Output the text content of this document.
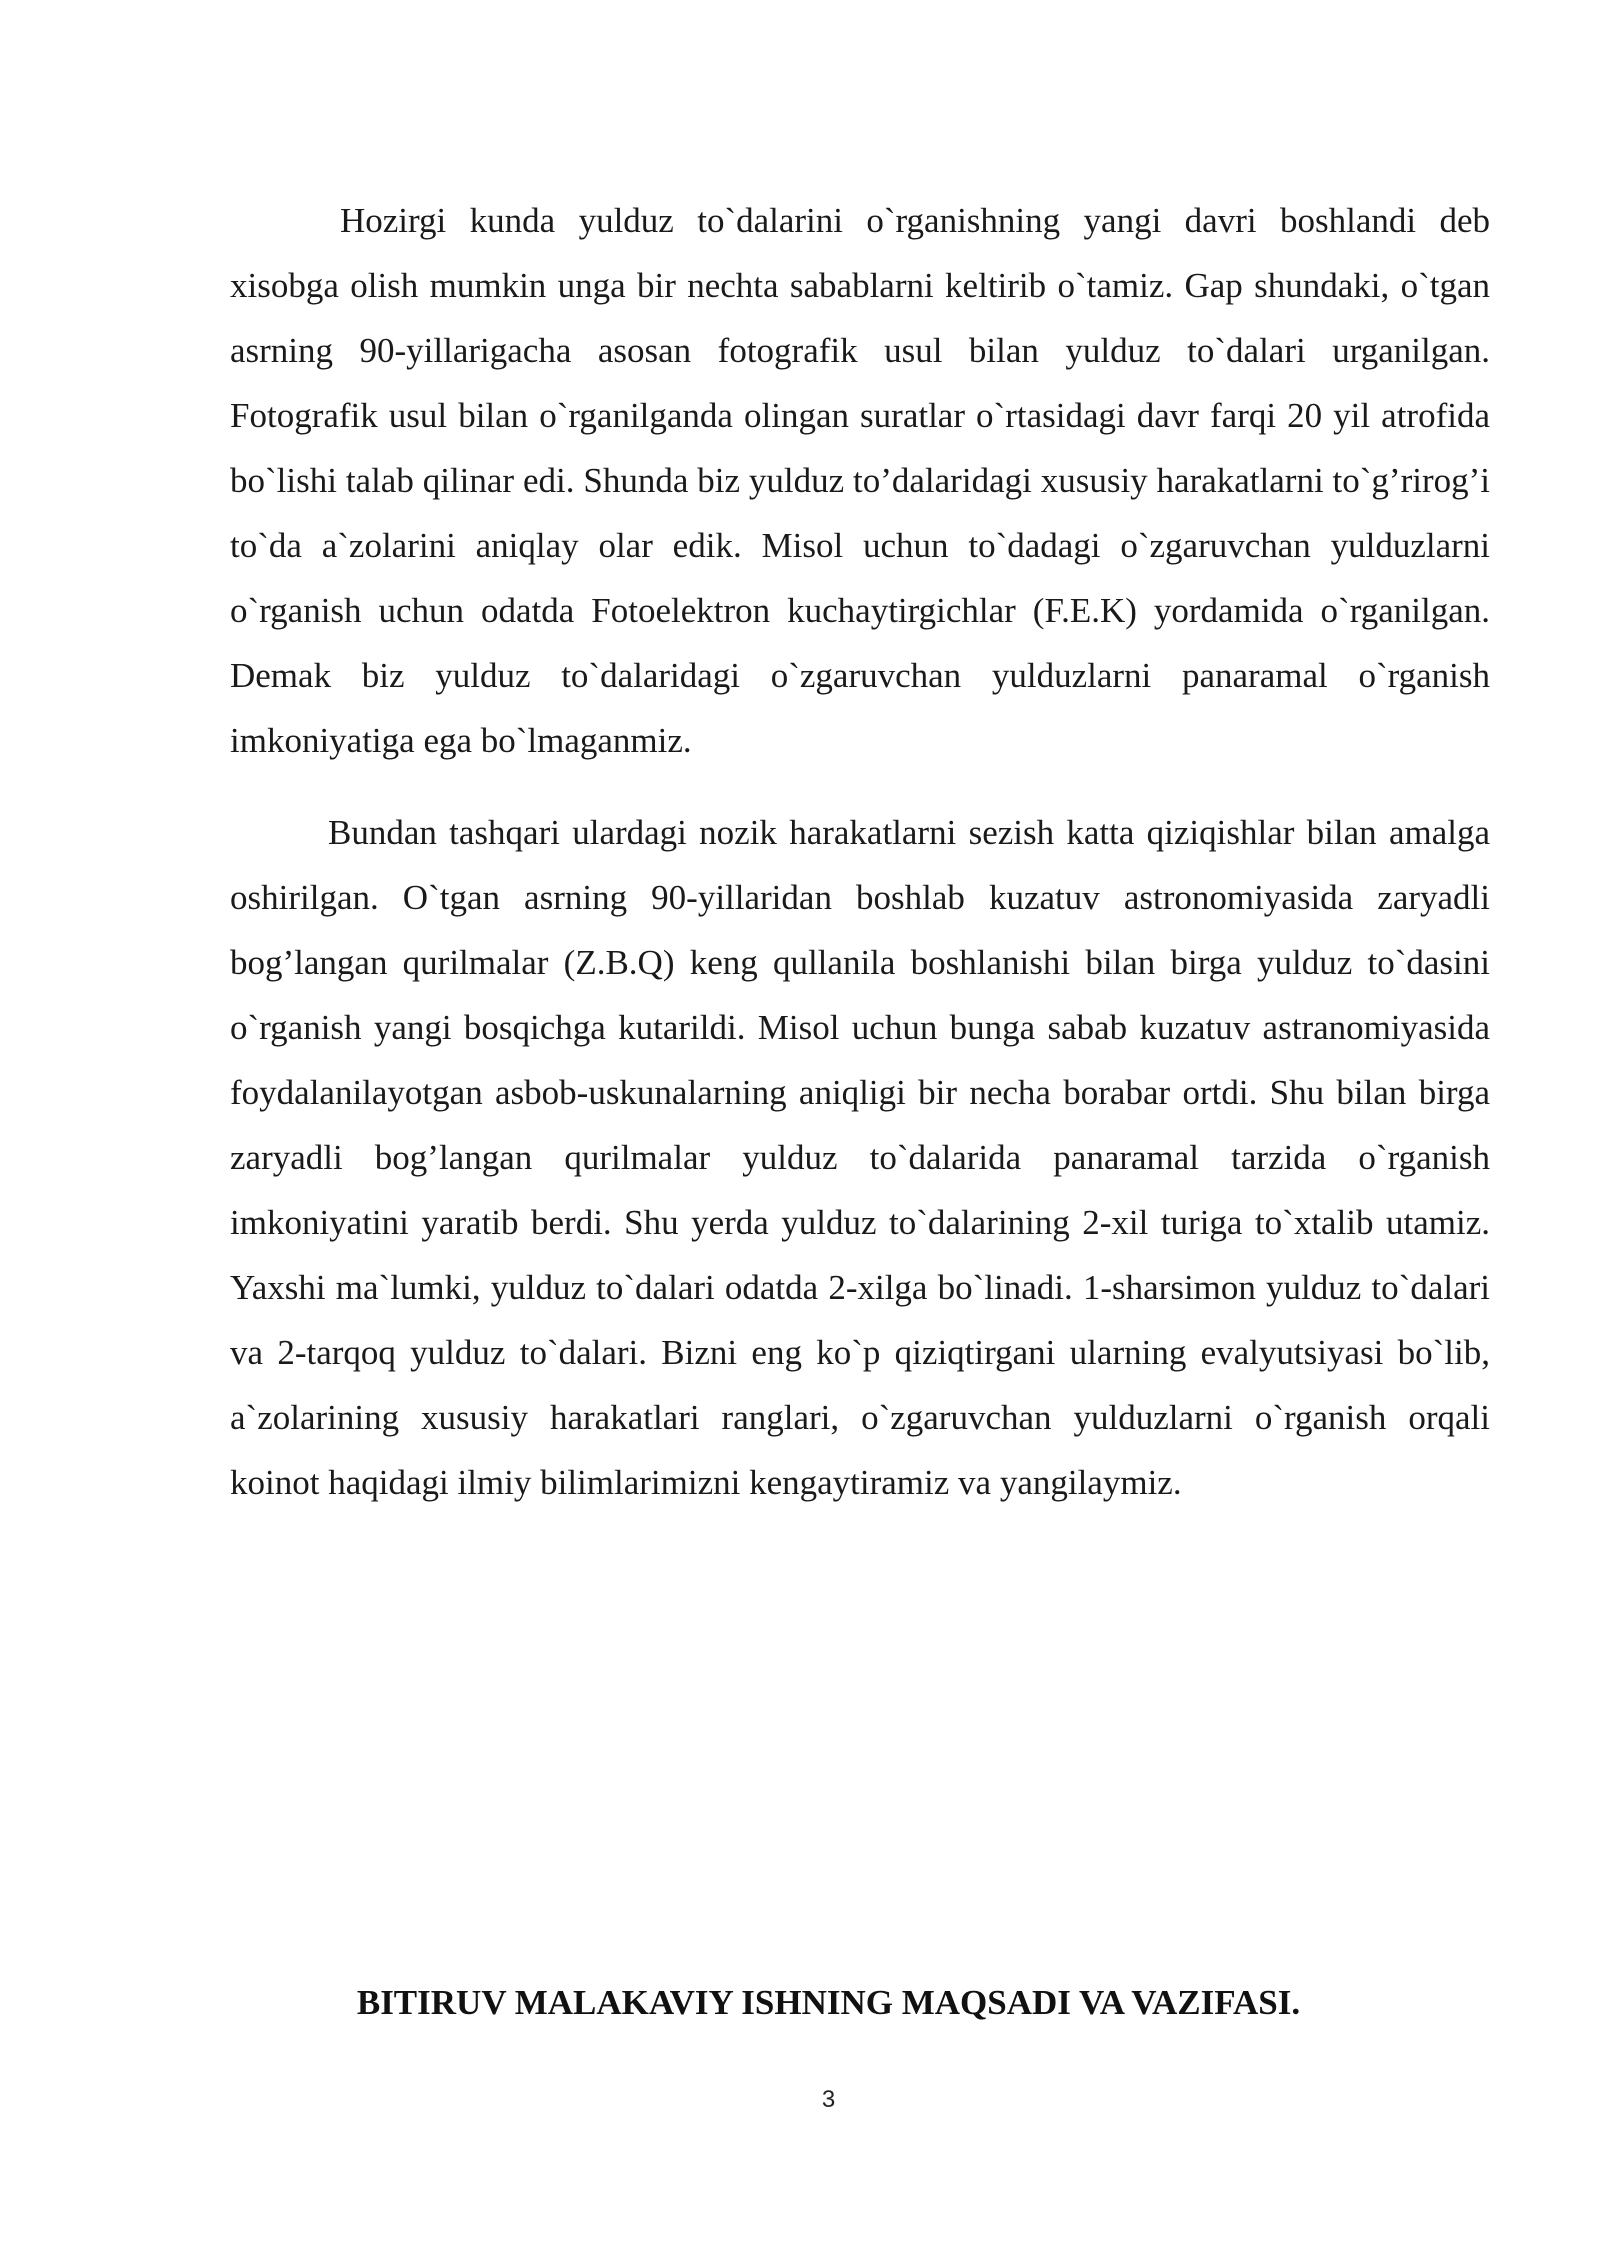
Hozirgi kunda yulduz to`dalarini o`rganishning yangi davri boshlandi deb xisobga olish mumkin unga bir nechta sabablarni keltirib o`tamiz. Gap shundaki, o`tgan asrning 90-yillarigacha asosan fotografik usul bilan yulduz to`dalari urganilgan. Fotografik usul bilan o`rganilganda olingan suratlar o`rtasidagi davr farqi 20 yil atrofida bo`lishi talab qilinar edi. Shunda biz yulduz to’dalaridagi xususiy harakatlarni to`g’rirog’i to`da a`zolarini aniqlay olar edik. Misol uchun to`dadagi o`zgaruvchan yulduzlarni o`rganish uchun odatda Fotoelektron kuchaytirgichlar (F.E.K) yordamida o`rganilgan. Demak biz yulduz to`dalaridagi o`zgaruvchan yulduzlarni panaramal o`rganish imkoniyatiga ega bo`lmaganmiz.

Bundan tashqari ulardagi nozik harakatlarni sezish katta qiziqishlar bilan amalga oshirilgan. O`tgan asrning 90-yillaridan boshlab kuzatuv astronomiyasida zaryadli bog’langan qurilmalar (Z.B.Q) keng qullanila boshlanishi bilan birga yulduz to`dasini o`rganish yangi bosqichga kutarildi. Misol uchun bunga sabab kuzatuv astranomiyasida foydalanilayotgan asbob-uskunalarning aniqligi bir necha borabar ortdi. Shu bilan birga zaryadli bog’langan qurilmalar yulduz to`dalarida panaramal tarzida o`rganish imkoniyatini yaratib berdi. Shu yerda yulduz to`dalarining 2-xil turiga to`xtalib utamiz. Yaxshi ma`lumki, yulduz to`dalari odatda 2-xilga bo`linadi. 1-sharsimon yulduz to`dalari va 2-tarqoq yulduz to`dalari. Bizni eng ko`p qiziqtirgani ularning evalyutsiyasi bo`lib, a`zolarining xususiy harakatlari ranglari, o`zgaruvchan yulduzlarni o`rganish orqali koinot haqidagi ilmiy bilimlarimizni kengaytiramiz va yangilaymiz.

BITIRUV MALAKAVIY ISHNING MAQSADI VA VAZIFASI.
3
